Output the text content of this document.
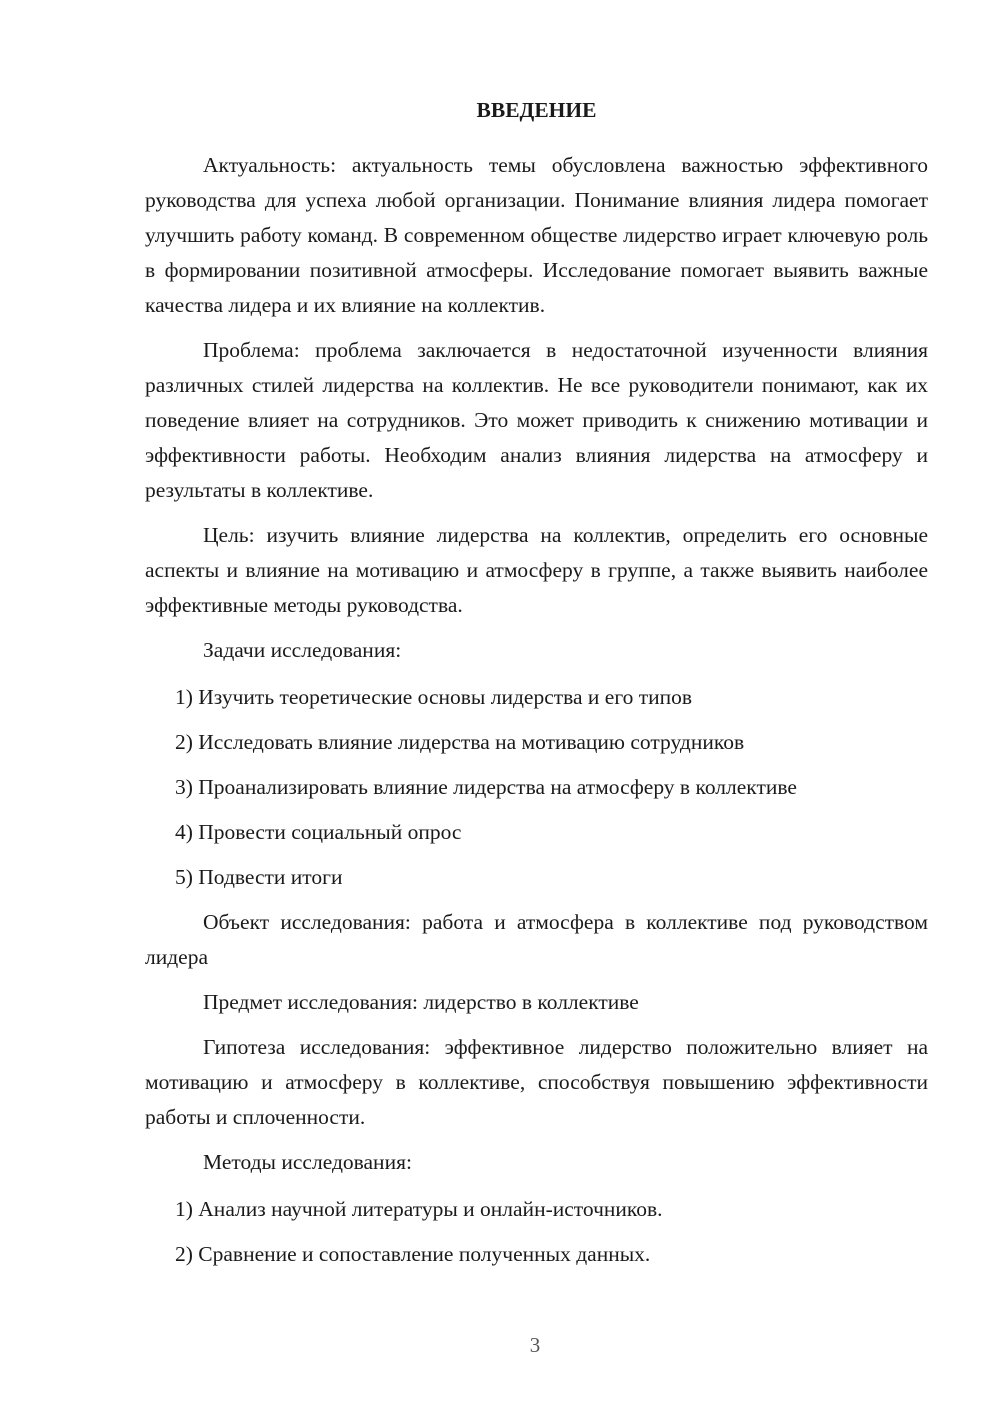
ВВЕДЕНИЕ

Актуальность: актуальность темы обусловлена важностью эффективного руководства для успеха любой организации. Понимание влияния лидера помогает улучшить работу команд. В современном обществе лидерство играет ключевую роль в формировании позитивной атмосферы. Исследование помогает выявить важные качества лидера и их влияние на коллектив.

Проблема: проблема заключается в недостаточной изученности влияния различных стилей лидерства на коллектив. Не все руководители понимают, как их поведение влияет на сотрудников. Это может приводить к снижению мотивации и эффективности работы. Необходим анализ влияния лидерства на атмосферу и результаты в коллективе.

Цель: изучить влияние лидерства на коллектив, определить его основные аспекты и влияние на мотивацию и атмосферу в группе, а также выявить наиболее эффективные методы руководства.

Задачи исследования:

1) Изучить теоретические основы лидерства и его типов
2) Исследовать влияние лидерства на мотивацию сотрудников
3) Проанализировать влияние лидерства на атмосферу в коллективе
4) Провести социальный опрос
5) Подвести итоги

Объект исследования: работа и атмосфера в коллективе под руководством лидера

Предмет исследования: лидерство в коллективе

Гипотеза исследования: эффективное лидерство положительно влияет на мотивацию и атмосферу в коллективе, способствуя повышению эффективности работы и сплоченности.

Методы исследования:

1) Анализ научной литературы и онлайн-источников.
2) Сравнение и сопоставление полученных данных.
3
